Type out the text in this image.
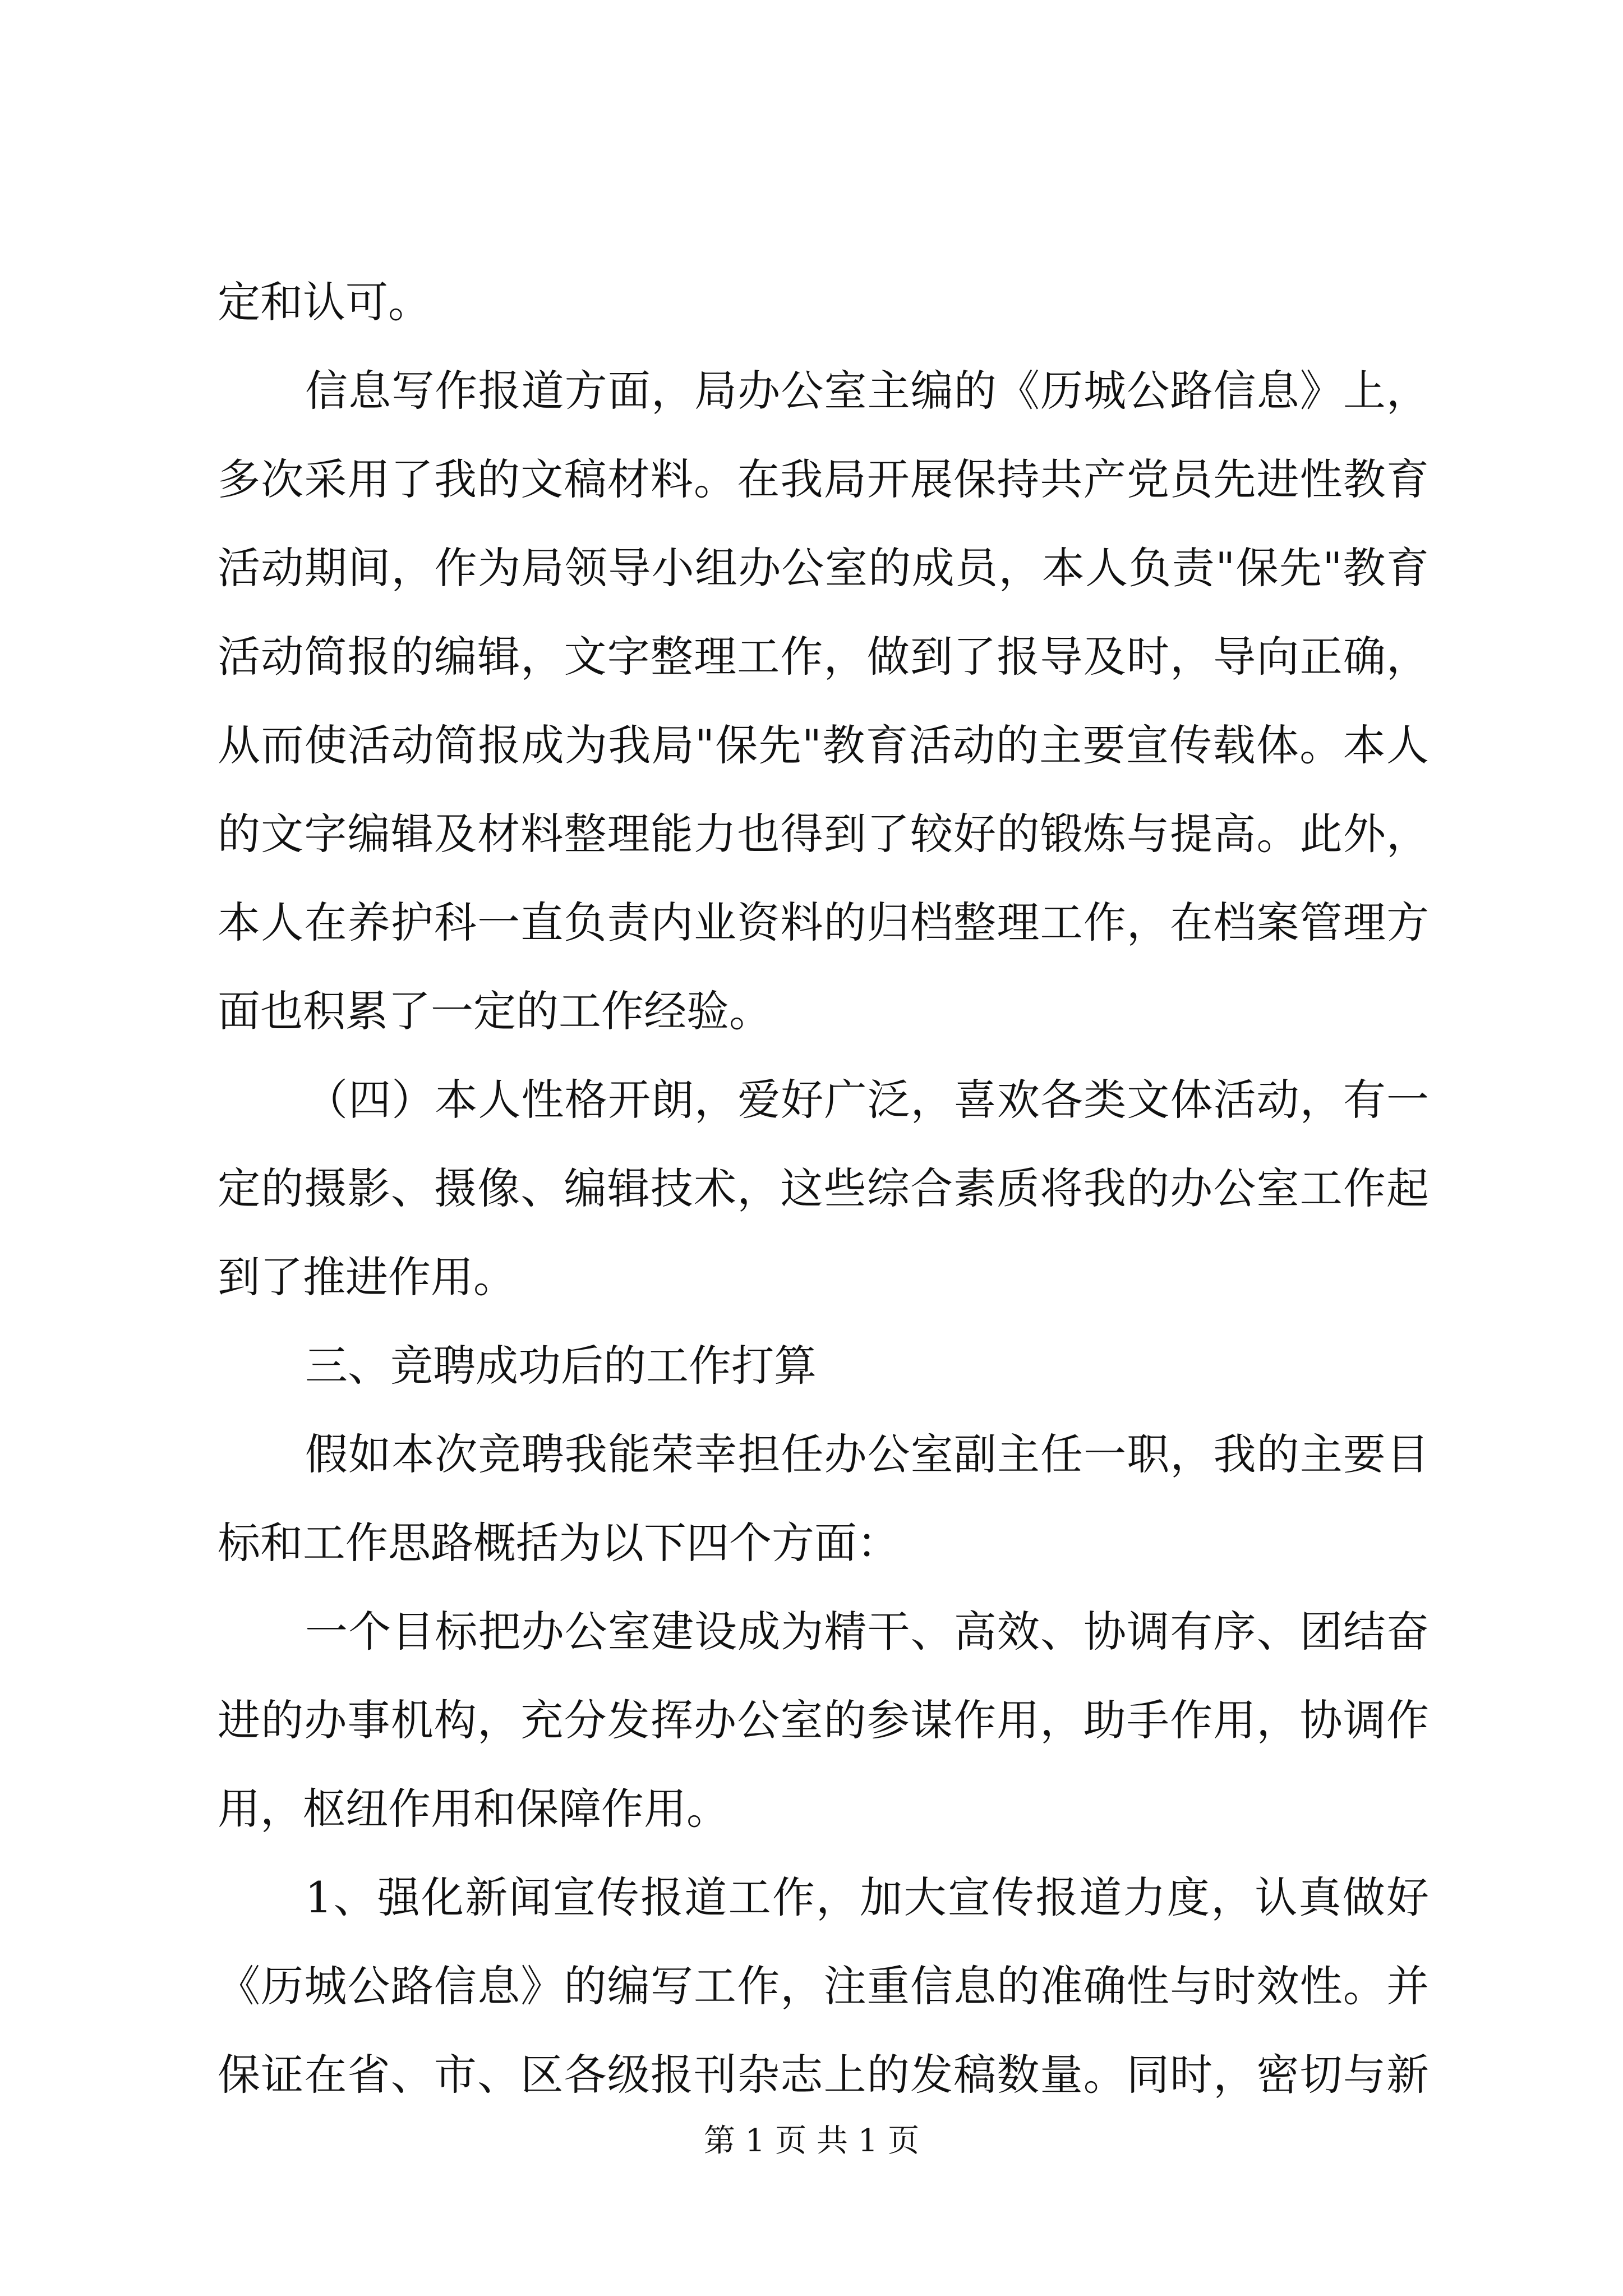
定和认可。
信息写作报道方面，局办公室主编的《历城公路信息》上，
多次采用了我的文稿材料。在我局开展保持共产党员先进性教育
活动期间，作为局领导小组办公室的成员，本人负责"保先"教育
活动简报的编辑，文字整理工作，做到了报导及时，导向正确，
从而使活动简报成为我局"保先"教育活动的主要宣传载体。本人
的文字编辑及材料整理能力也得到了较好的锻炼与提高。此外，
本人在养护科一直负责内业资料的归档整理工作，在档案管理方
面也积累了一定的工作经验。
（四）本人性格开朗，爱好广泛，喜欢各类文体活动，有一
定的摄影、摄像、编辑技术，这些综合素质将我的办公室工作起
到了推进作用。
三、竞聘成功后的工作打算
假如本次竞聘我能荣幸担任办公室副主任一职，我的主要目
标和工作思路概括为以下四个方面：
一个目标把办公室建设成为精干、高效、协调有序、团结奋
进的办事机构，充分发挥办公室的参谋作用，助手作用，协调作
用，枢纽作用和保障作用。
1、强化新闻宣传报道工作，加大宣传报道力度，认真做好
《历城公路信息》的编写工作，注重信息的准确性与时效性。并
保证在省、市、区各级报刊杂志上的发稿数量。同时，密切与新
第 1 页 共 1 页
